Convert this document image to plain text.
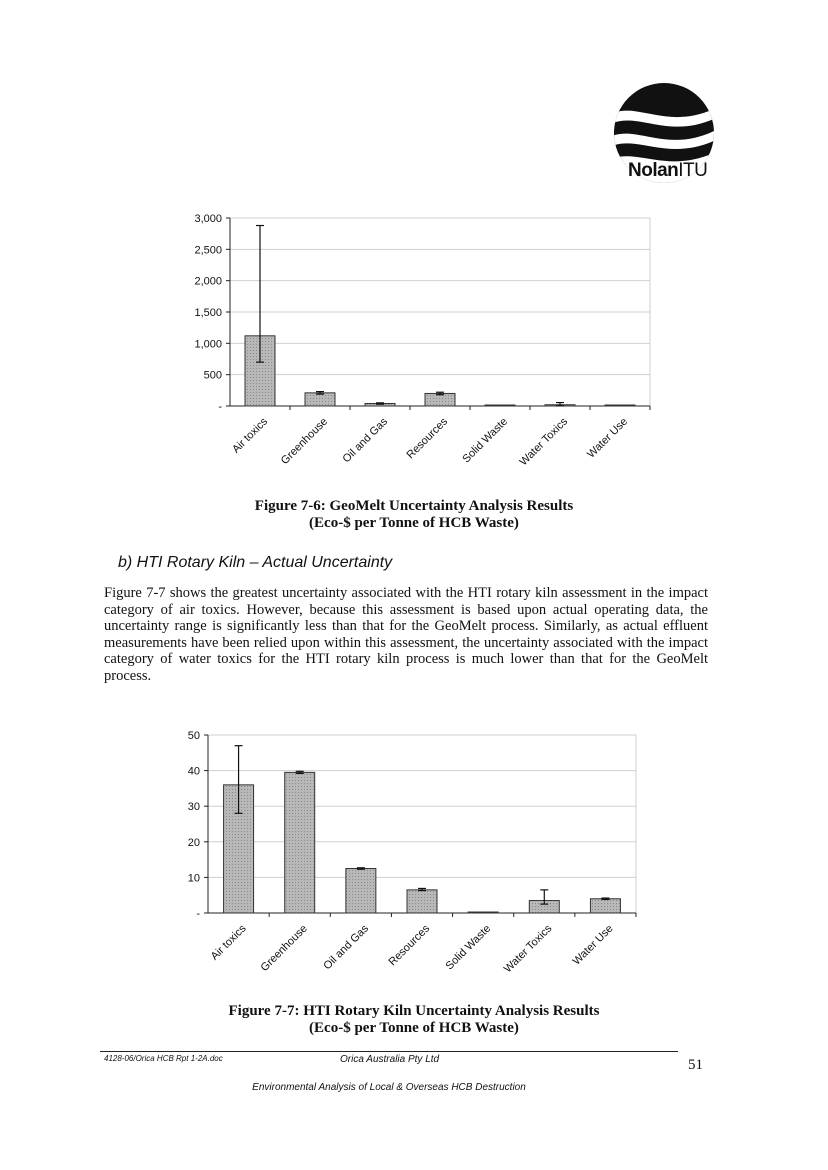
NolanITU
-
500
1,000
1,500
2,000
2,500
3,000
Air toxics Greenhouse Oil and Gas Resources Solid Waste Water Toxics Water Use
Figure 7-6: GeoMelt Uncertainty Analysis Results
(Eco-$ per Tonne of HCB Waste)
b) HTI Rotary Kiln – Actual Uncertainty
Figure 7-7 shows the greatest uncertainty associated with the HTI rotary kiln assessment in the impact category of air toxics. However, because this assessment is based upon actual operating data, the uncertainty range is significantly less than that for the GeoMelt process. Similarly, as actual effluent measurements have been relied upon within this assessment, the uncertainty associated with the impact category of water toxics for the HTI rotary kiln process is much lower than that for the GeoMelt process.
-
10
20
30
40
50
Air toxics Greenhouse Oil and Gas Resources Solid Waste Water Toxics Water Use
Figure 7-7: HTI Rotary Kiln Uncertainty Analysis Results
(Eco-$ per Tonne of HCB Waste)
4128-06/Orica HCB Rpt 1-2A.doc	Orica Australia Pty Ltd	51
Environmental Analysis of Local & Overseas HCB Destruction
